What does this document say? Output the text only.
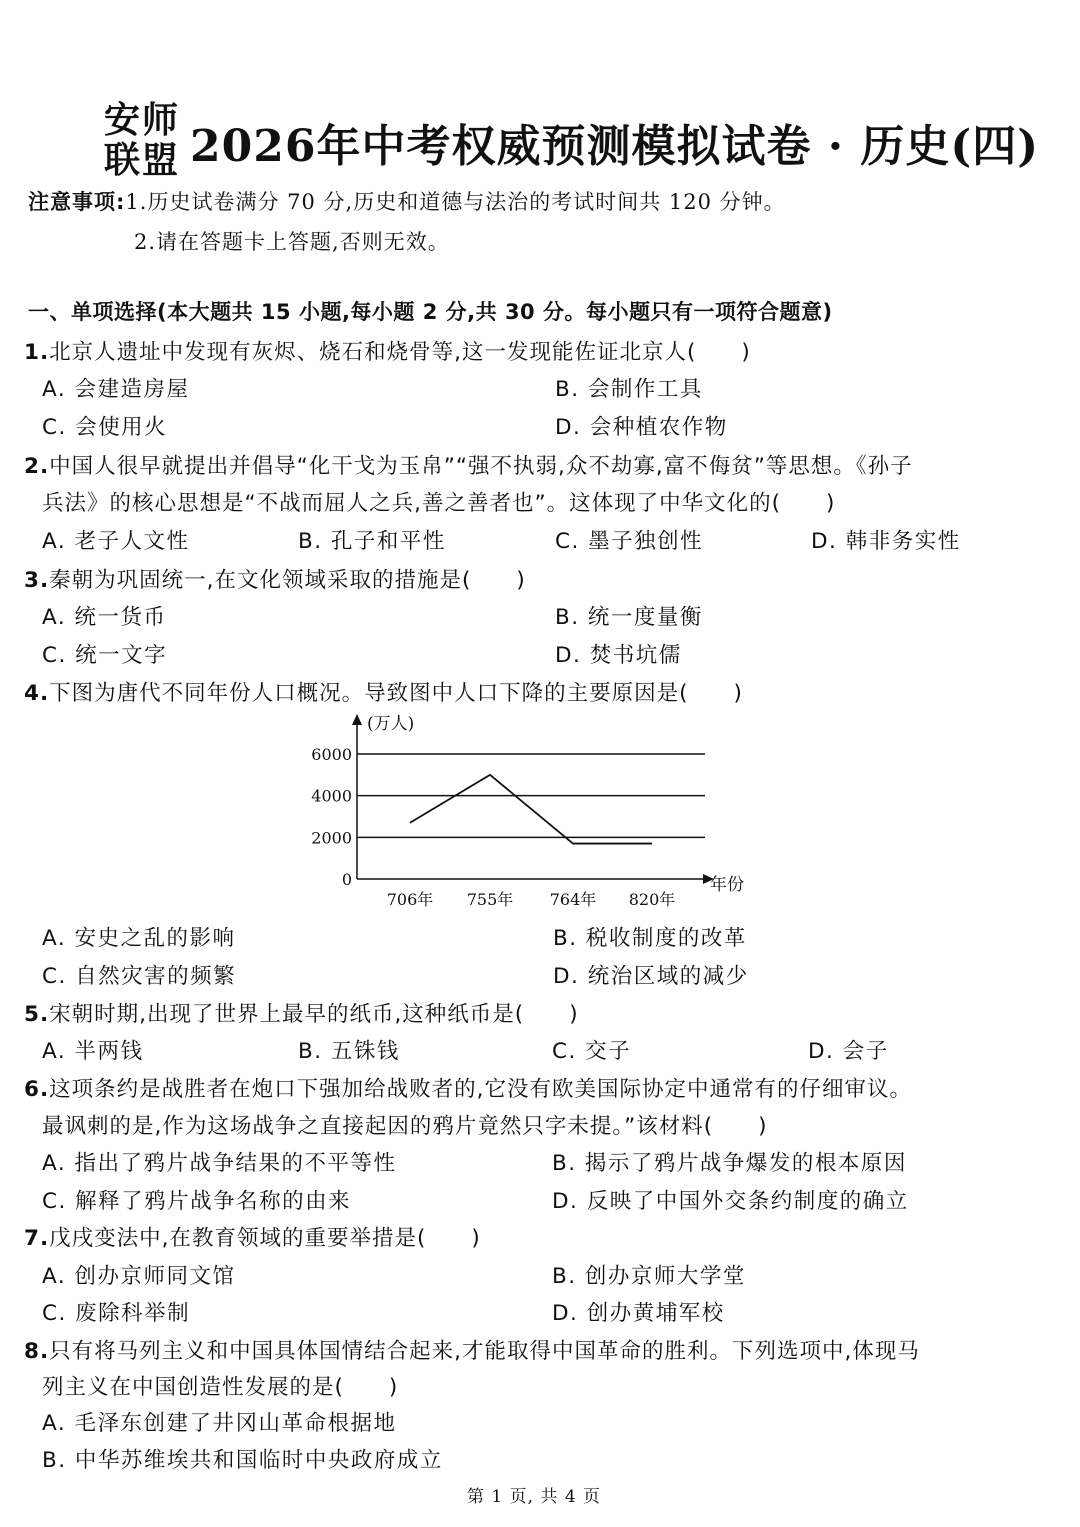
安师
联盟 2026年中考权威预测模拟试卷 · 历史(四)
注意事项:1.历史试卷满分 70 分,历史和道德与法治的考试时间共 120 分钟。
2.请在答题卡上答题,否则无效。
一、单项选择(本大题共 15 小题,每小题 2 分,共 30 分。每小题只有一项符合题意)
1.北京人遗址中发现有灰烬、烧石和烧骨等,这一发现能佐证北京人(　　)
A. 会建造房屋	B. 会制作工具
C. 会使用火	D. 会种植农作物
2.中国人很早就提出并倡导“化干戈为玉帛”“强不执弱,众不劫寡,富不侮贫”等思想。《孙子
兵法》的核心思想是“不战而屈人之兵,善之善者也”。这体现了中华文化的(　　)
A. 老子人文性	B. 孔子和平性	C. 墨子独创性	D. 韩非务实性
3.秦朝为巩固统一,在文化领域采取的措施是(　　)
A. 统一货币	B. 统一度量衡
C. 统一文字	D. 焚书坑儒
4.下图为唐代不同年份人口概况。导致图中人口下降的主要原因是(　　)
6000
4000
2000
0
(万人)
年份
706年 755年 764年 820年
A. 安史之乱的影响	B. 税收制度的改革
C. 自然灾害的频繁	D. 统治区域的减少
5.宋朝时期,出现了世界上最早的纸币,这种纸币是(　　)
A. 半两钱	B. 五铢钱	C. 交子	D. 会子
6.这项条约是战胜者在炮口下强加给战败者的,它没有欧美国际协定中通常有的仔细审议。
最讽刺的是,作为这场战争之直接起因的鸦片竟然只字未提。”该材料(　　)
A. 指出了鸦片战争结果的不平等性	B. 揭示了鸦片战争爆发的根本原因
C. 解释了鸦片战争名称的由来	D. 反映了中国外交条约制度的确立
7.戊戌变法中,在教育领域的重要举措是(　　)
A. 创办京师同文馆	B. 创办京师大学堂
C. 废除科举制	D. 创办黄埔军校
8.只有将马列主义和中国具体国情结合起来,才能取得中国革命的胜利。下列选项中,体现马
列主义在中国创造性发展的是(　　)
A. 毛泽东创建了井冈山革命根据地
B. 中华苏维埃共和国临时中央政府成立
第 1 页, 共 4 页
